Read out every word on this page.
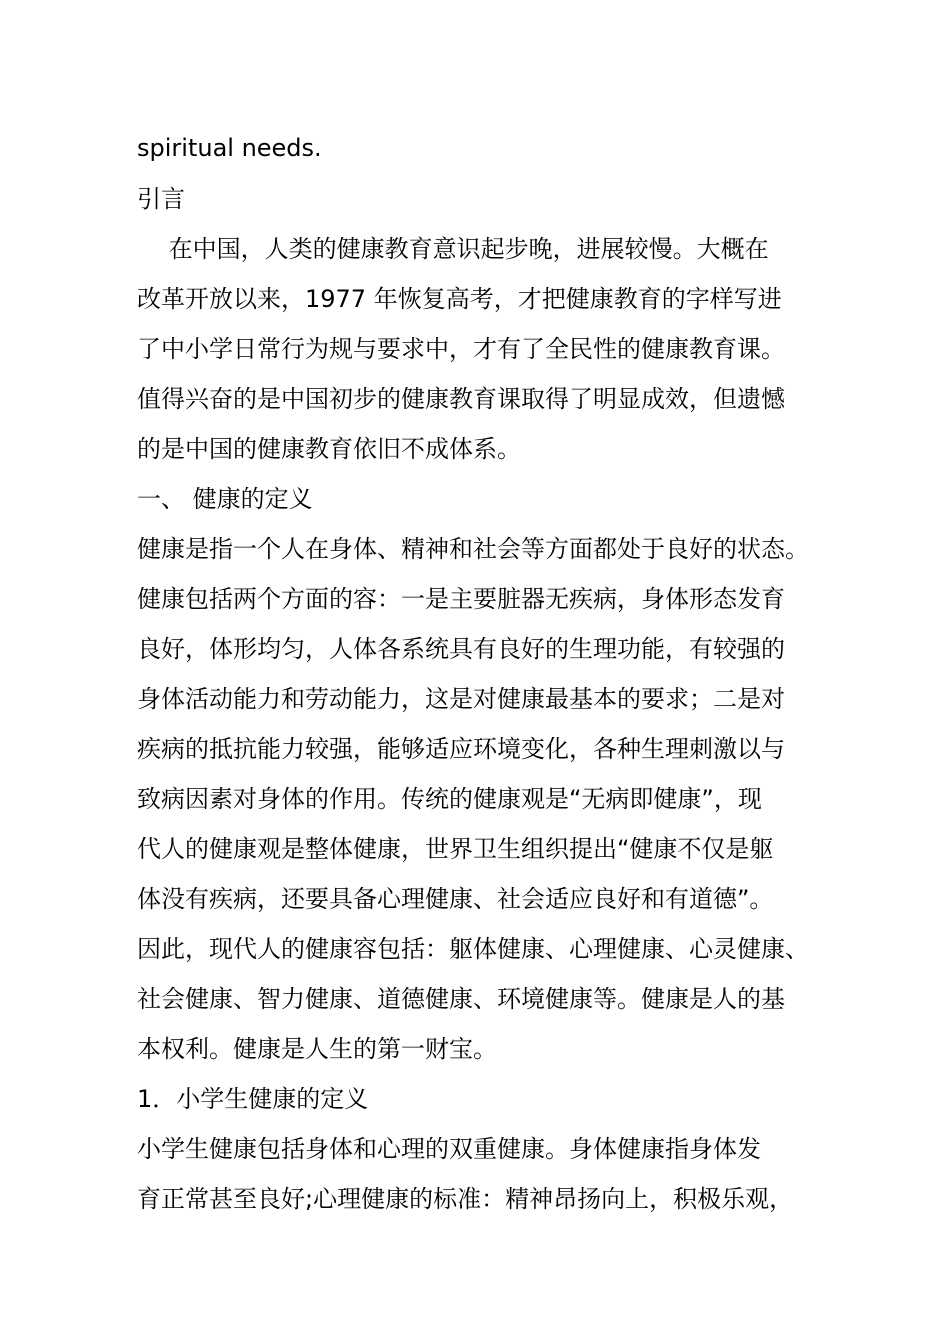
spiritual needs.
引言
　 在中国，人类的健康教育意识起步晚，进展较慢。大概在
改革开放以来，1977 年恢复高考，才把健康教育的字样写进
了中小学日常行为规与要求中，才有了全民性的健康教育课。
值得兴奋的是中国初步的健康教育课取得了明显成效，但遗憾
的是中国的健康教育依旧不成体系。
一、 健康的定义
健康是指一个人在身体、精神和社会等方面都处于良好的状态。
健康包括两个方面的容：一是主要脏器无疾病，身体形态发育
良好，体形均匀，人体各系统具有良好的生理功能，有较强的
身体活动能力和劳动能力，这是对健康最基本的要求；二是对
疾病的抵抗能力较强，能够适应环境变化，各种生理刺激以与
致病因素对身体的作用。传统的健康观是“无病即健康”，现
代人的健康观是整体健康，世界卫生组织提出“健康不仅是躯
体没有疾病，还要具备心理健康、社会适应良好和有道德”。
因此，现代人的健康容包括：躯体健康、心理健康、心灵健康、
社会健康、智力健康、道德健康、环境健康等。健康是人的基
本权利。健康是人生的第一财宝。
1．小学生健康的定义
小学生健康包括身体和心理的双重健康。身体健康指身体发
育正常甚至良好;心理健康的标准：精神昂扬向上，积极乐观，
